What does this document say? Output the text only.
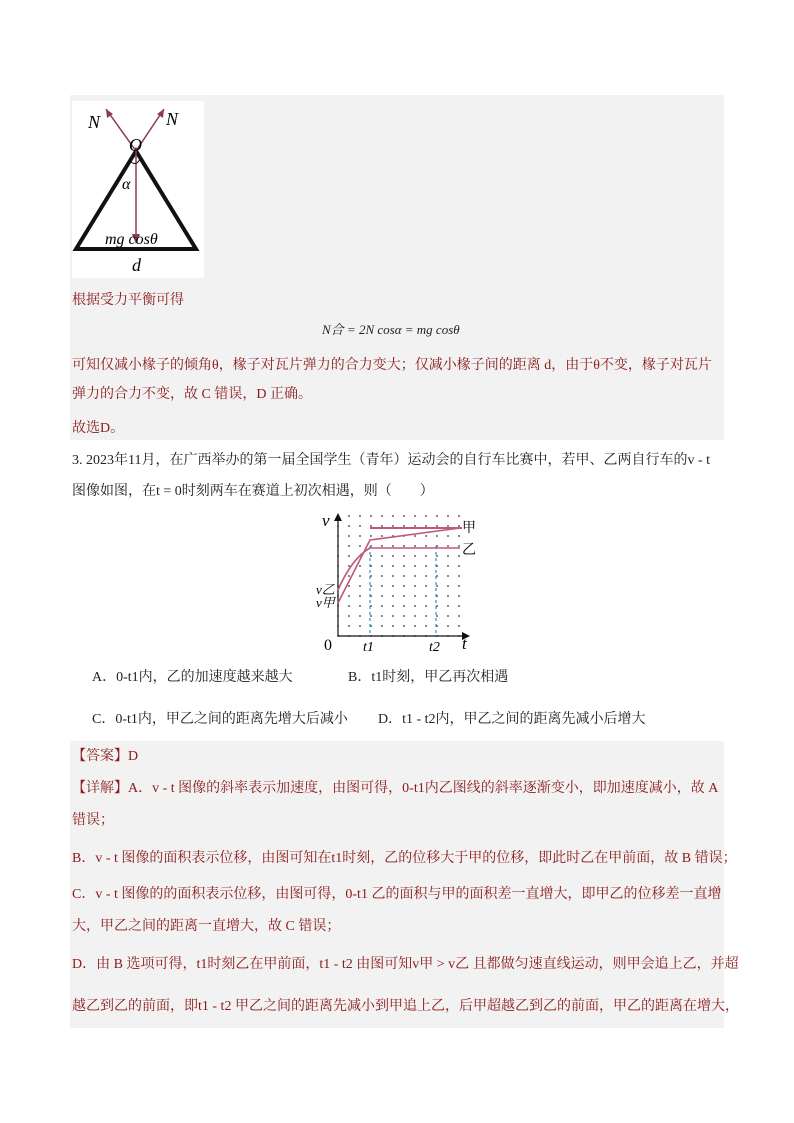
N	N
O
α
mg cosθ
d
根据受力平衡可得
N合 = 2N cosα = mg cosθ
可知仅减小椽子的倾角θ，椽子对瓦片弹力的合力变大；仅减小椽子间的距离 d，由于θ不变，椽子对瓦片
弹力的合力不变，故 C 错误，D 正确。
故选D。
3. 2023年11月，在广西举办的第一届全国学生（青年）运动会的自行车比赛中，若甲、乙两自行车的v - t
图像如图，在t = 0时刻两车在赛道上初次相遇，则（　　）
v
t
0
甲
乙
v乙
v甲
t1	t2
A．0-t1内，乙的加速度越来越大	B．t1时刻，甲乙再次相遇
C．0-t1内，甲乙之间的距离先增大后减小 D．t1 - t2内，甲乙之间的距离先减小后增大
【答案】D
【详解】A．v - t 图像的斜率表示加速度，由图可得，0-t1内乙图线的斜率逐渐变小，即加速度减小，故 A
错误；
B．v - t 图像的面积表示位移，由图可知在t1时刻，乙的位移大于甲的位移，即此时乙在甲前面，故 B 错误；
C．v - t 图像的的面积表示位移，由图可得，0-t1 乙的面积与甲的面积差一直增大，即甲乙的位移差一直增
大，甲乙之间的距离一直增大，故 C 错误；
D．由 B 选项可得，t1时刻乙在甲前面，t1 - t2 由图可知v甲 > v乙 且都做匀速直线运动，则甲会追上乙，并超
越乙到乙的前面，即t1 - t2 甲乙之间的距离先减小到甲追上乙，后甲超越乙到乙的前面，甲乙的距离在增大，
